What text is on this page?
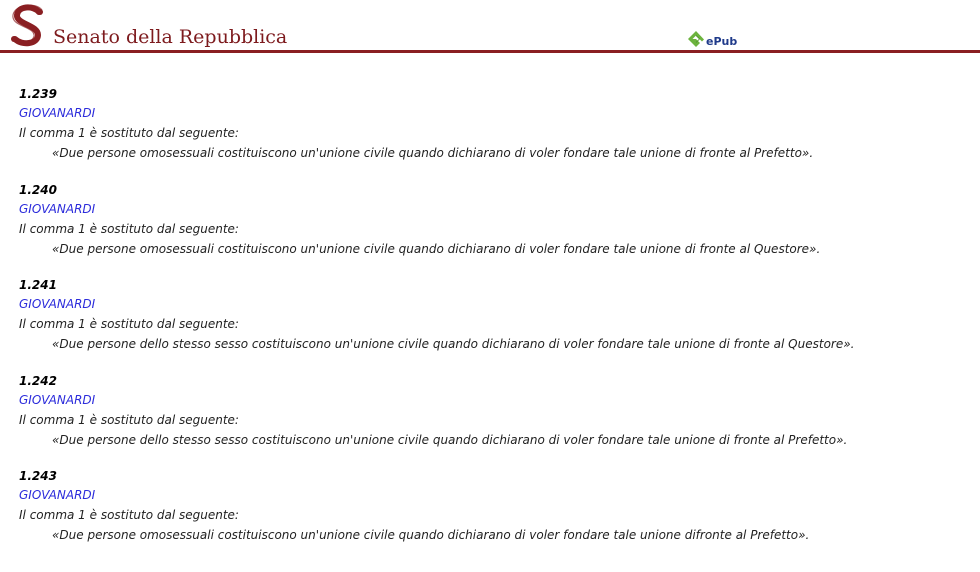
Senato della Repubblica	ePub
1.239
GIOVANARDI
Il comma 1 è sostituto dal seguente:
«Due persone omosessuali costituiscono un'unione civile quando dichiarano di voler fondare tale unione di fronte al Prefetto».
1.240
GIOVANARDI
Il comma 1 è sostituto dal seguente:
«Due persone omosessuali costituiscono un'unione civile quando dichiarano di voler fondare tale unione di fronte al Questore».
1.241
GIOVANARDI
Il comma 1 è sostituto dal seguente:
«Due persone dello stesso sesso costituiscono un'unione civile quando dichiarano di voler fondare tale unione di fronte al Questore».
1.242
GIOVANARDI
Il comma 1 è sostituto dal seguente:
«Due persone dello stesso sesso costituiscono un'unione civile quando dichiarano di voler fondare tale unione di fronte al Prefetto».
1.243
GIOVANARDI
Il comma 1 è sostituto dal seguente:
«Due persone omosessuali costituiscono un'unione civile quando dichiarano di voler fondare tale unione difronte al Prefetto».
